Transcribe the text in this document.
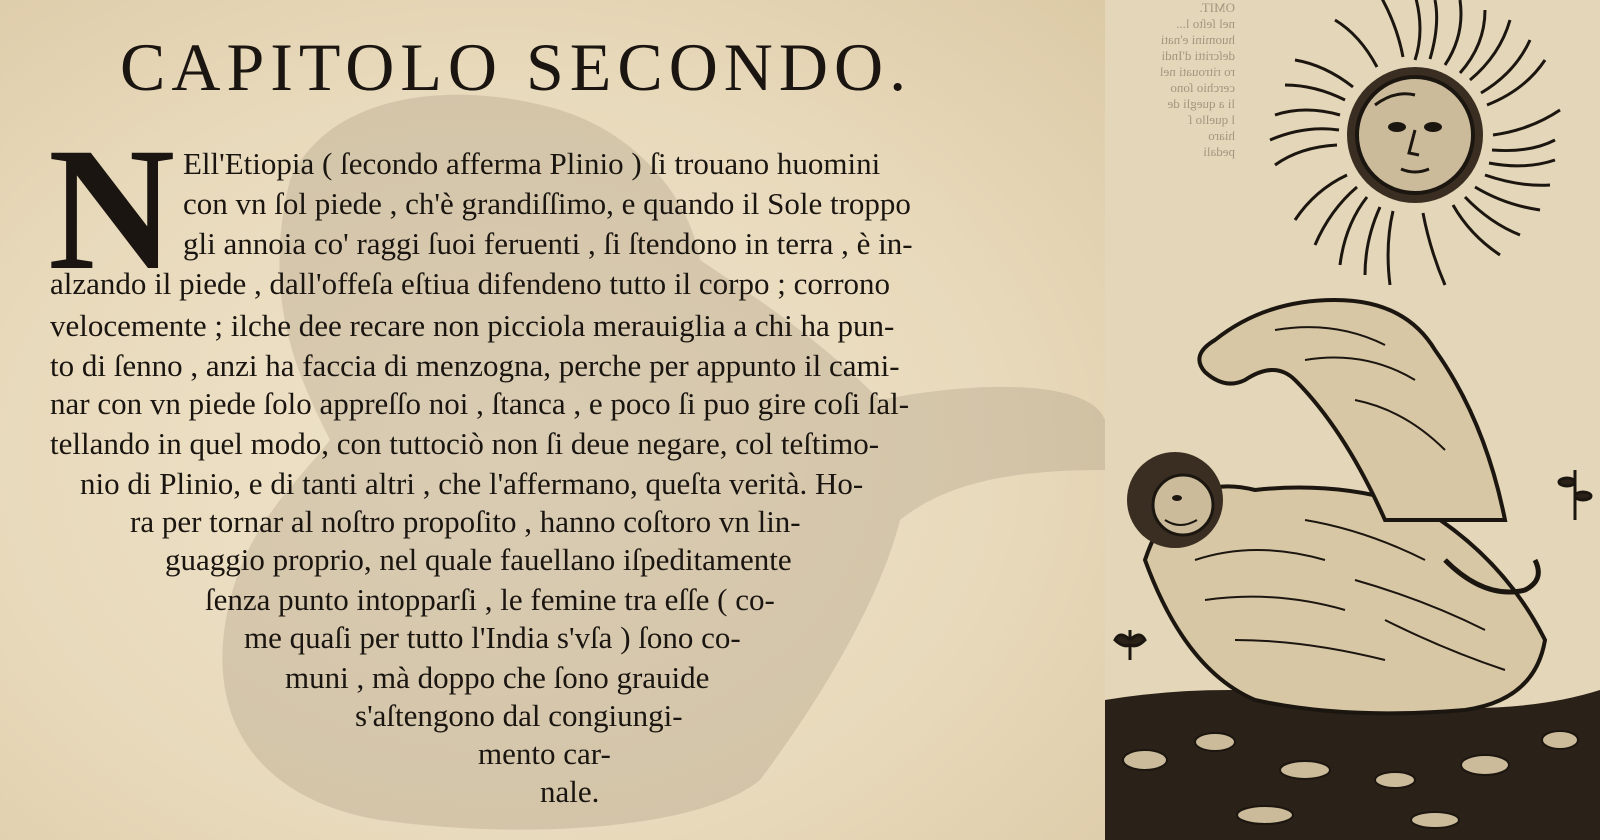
CAPITOLO SECONDO.
N Ell'Etiopia ( ſecondo afferma Plinio ) ſi trouano huomini
con vn ſol piede , ch'è grandiſſimo, e quando il Sole troppo
gli annoia co' raggi ſuoi feruenti , ſi ſtendono in terra , è in-
alzando il piede , dall'offeſa eſtiua difendeno tutto il corpo ; corrono
velocemente ; ilche dee recare non picciola merauiglia a chi ha pun-
to di ſenno , anzi ha faccia di menzogna, perche per appunto il cami-
nar con vn piede ſolo appreſſo noi , ſtanca , e poco ſi puo gire coſi ſal-
tellando in quel modo, con tuttociò non ſi deue negare, col teſtimo-
nio di Plinio, e di tanti altri , che l'affermano, queſta verità. Ho-
ra per tornar al noſtro propoſito , hanno coſtoro vn lin-
guaggio proprio, nel quale fauellano iſpeditamente
ſenza punto intopparſi , le femine tra eſſe ( co-
me quaſi per tutto l'India s'vſa ) ſono co-
muni , mà doppo che ſono grauide
s'aſtengono dal congiungi-
mento car-
nale.
OMIT.
nel ſeſto l...
huomini e'nati
deſcritti d'Indi
ro ritrouati nel
cerchio ſono
li a quegli de
l quello ſ
hiaro
pedali
